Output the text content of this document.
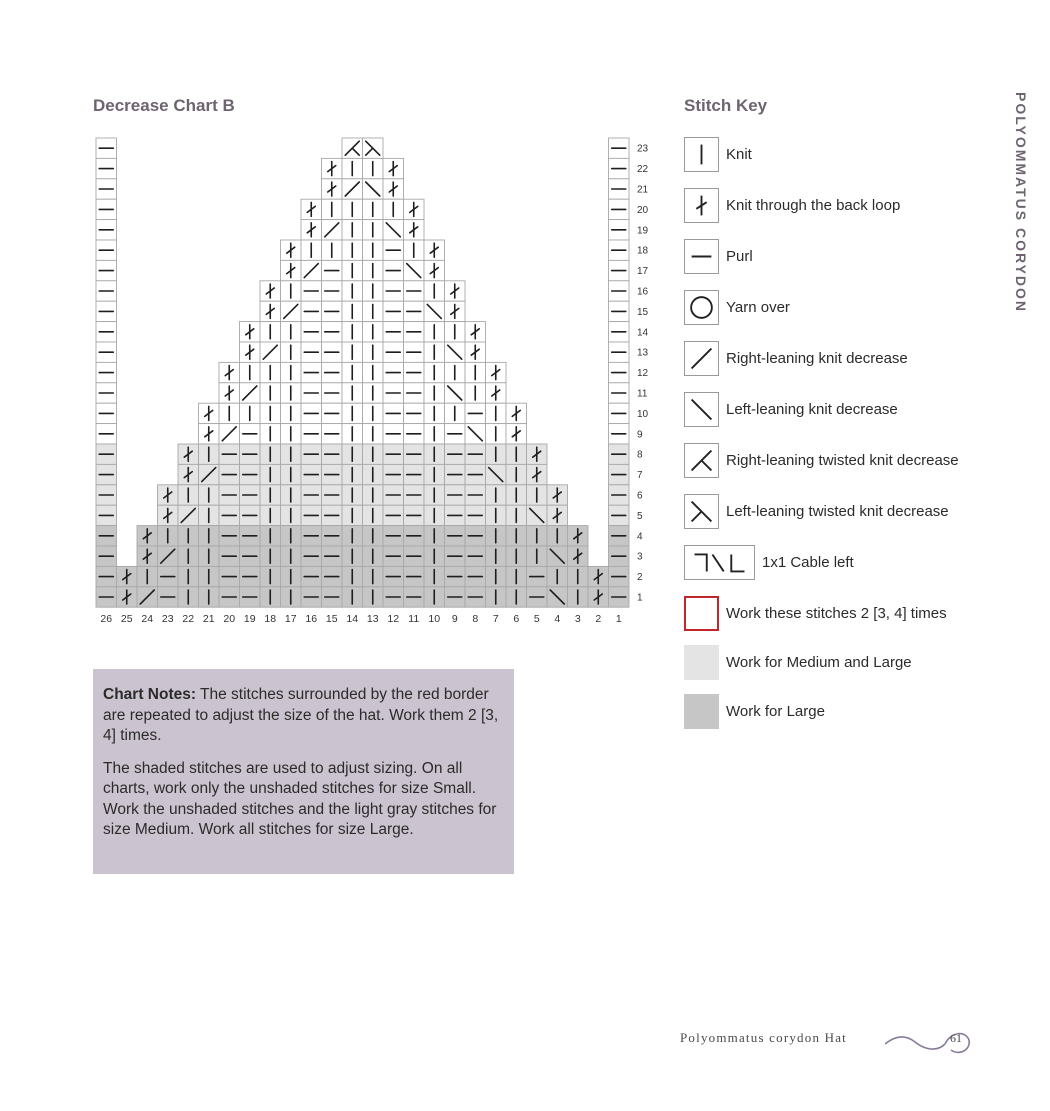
Decrease Chart B
23
22
21
20
19
18
17
16
15
14
13
12
11
10
9
8
7
6
5
4
3
2
1
26 25 24 23 22 21 20 19 18 17 16 15 14 13 12 11 10 9 8 7 6 5 4 3 2 1

Chart Notes: The stitches surrounded by the red border are repeated to adjust the size of the hat. Work them 2 [3, 4] times.

The shaded stitches are used to adjust sizing. On all charts, work only the unshaded stitches for size Small. Work the unshaded stitches and the light gray stitches for size Medium. Work all stitches for size Large.

Stitch Key
Knit
Knit through the back loop
Purl
Yarn over
Right-leaning knit decrease
Left-leaning knit decrease
Right-leaning twisted knit decrease
Left-leaning twisted knit decrease
1x1 Cable left
Work these stitches 2 [3, 4] times
Work for Medium and Large
Work for Large
POLYOMMATUS CORYDON
Polyommatus corydon Hat	61
